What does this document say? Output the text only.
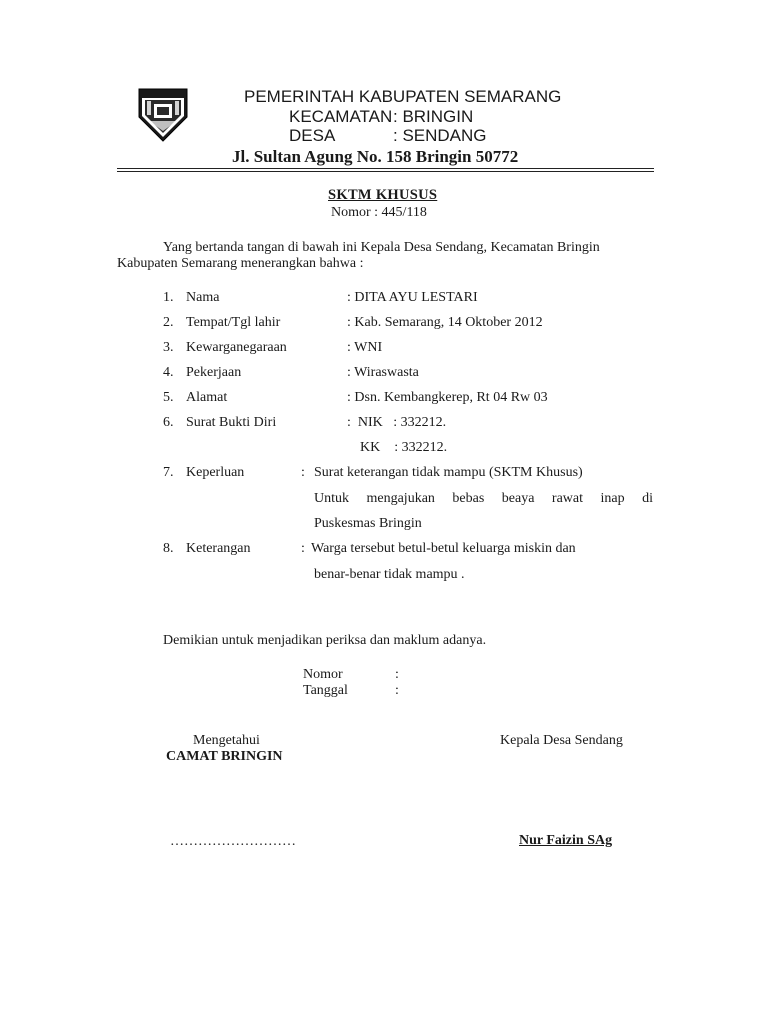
PEMERINTAH KABUPATEN SEMARANG
KECAMATAN : BRINGIN
DESA	: SENDANG
Jl. Sultan Agung No. 158 Bringin 50772
SKTM KHUSUS
Nomor : 445/118
Yang bertanda tangan di bawah ini Kepala Desa Sendang, Kecamatan Bringin
Kabupaten Semarang menerangkan bahwa :
1. Nama	: DITA AYU LESTARI
2. Tempat/Tgl lahir	: Kab. Semarang, 14 Oktober 2012
3. Kewarganegaraan	: WNI
4. Pekerjaan	: Wiraswasta
5. Alamat	: Dsn. Kembangkerep, Rt 04 Rw 03
6. Surat Bukti Diri	:  NIK   : 332212.
KK    : 332212.
7. Keperluan	: Surat keterangan tidak mampu (SKTM Khusus)
Untuk mengajukan bebas beaya rawat inap di
Puskesmas Bringin
8. Keterangan	: Warga tersebut betul-betul keluarga miskin dan
benar-benar tidak mampu .
Demikian untuk menjadikan periksa dan maklum adanya.
Nomor	:
Tanggal	:
Mengetahui
CAMAT BRINGIN
………………………
Kepala Desa Sendang
Nur Faizin SAg
